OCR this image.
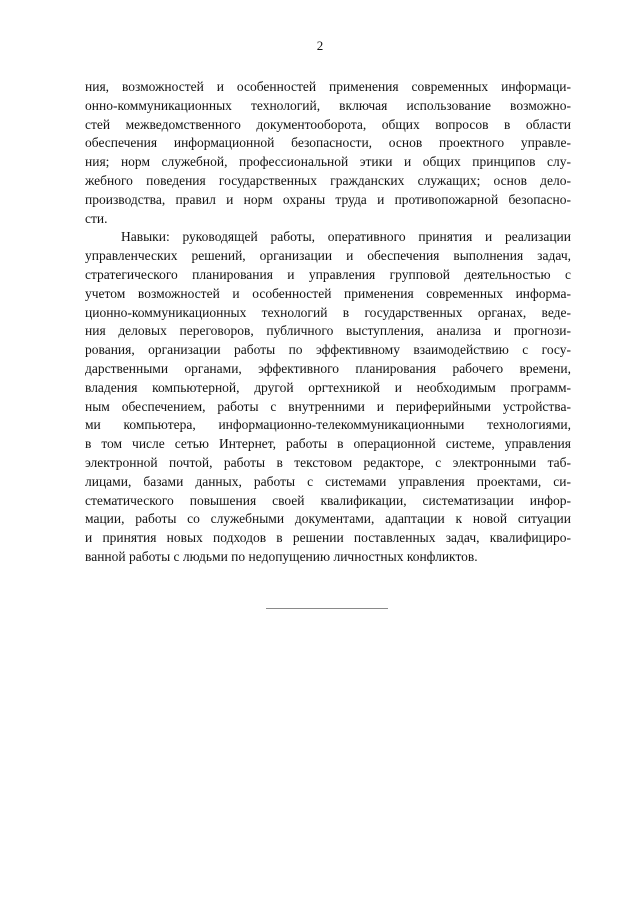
2
ния, возможностей и особенностей применения современных информаци-
онно-коммуникационных технологий, включая использование возможно-
стей межведомственного документооборота, общих вопросов в области
обеспечения информационной безопасности, основ проектного управле-
ния; норм служебной, профессиональной этики и общих принципов слу-
жебного поведения государственных гражданских служащих; основ дело-
производства, правил и норм охраны труда и противопожарной безопасно-
сти.
Навыки: руководящей работы, оперативного принятия и реализации
управленческих решений, организации и обеспечения выполнения задач,
стратегического планирования и управления групповой деятельностью с
учетом возможностей и особенностей применения современных информа-
ционно-коммуникационных технологий в государственных органах, веде-
ния деловых переговоров, публичного выступления, анализа и прогнози-
рования, организации работы по эффективному взаимодействию с госу-
дарственными органами, эффективного планирования рабочего времени,
владения компьютерной, другой оргтехникой и необходимым программ-
ным обеспечением, работы с внутренними и периферийными устройства-
ми компьютера, информационно-телекоммуникационными технологиями,
в том числе сетью Интернет, работы в операционной системе, управления
электронной почтой, работы в текстовом редакторе, с электронными таб-
лицами, базами данных, работы с системами управления проектами, си-
стематического повышения своей квалификации, систематизации инфор-
мации, работы со служебными документами, адаптации к новой ситуации
и принятия новых подходов в решении поставленных задач, квалифициро-
ванной работы с людьми по недопущению личностных конфликтов.
